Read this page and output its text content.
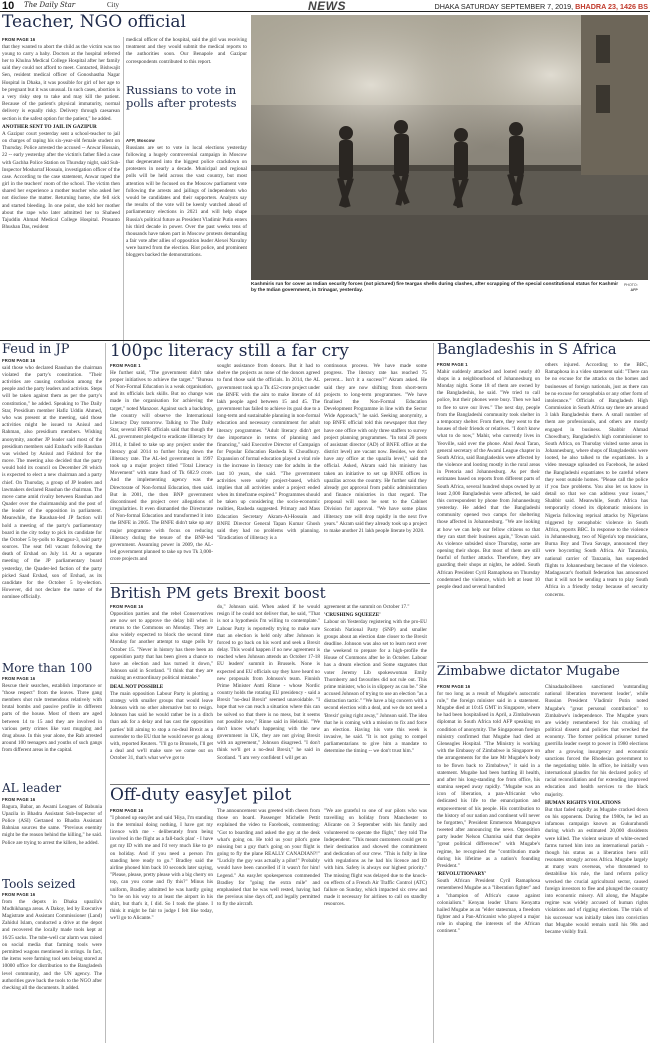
10 The Daily Star	City	NEWS	DHAKA SATURDAY SEPTEMBER 7, 2019, BHADRA 23, 1426 BS
Teacher, NGO official
FROM PAGE 16

that they wanted to abort the child as the victim was too young to carry a baby. Doctors at the hospital referred her to Khulna Medical College Hospital after her family said they could not afford to meet. Contacted, Bishwajit Sen, resident medical officer of Gonoshastha Nagar Hospital in Dhaka, it was possible for girl of her age to be pregnant but it was unusual. In such cases, abortion is a very risky step to take and may kill the patient. Because of the patient's physical immaturity, normal delivery is equally risky. Delivery through caesarean section is the safest option for the patient," he added.

ANOTHER SENT TO JAIL IN GAZIPUR

A Gazipur court yesterday sent a school-teacher to jail on charges of raping his six-year-old female student on Thursday. Police arrested the accused -- Anwar Hossain, 22 -- early yesterday after the victim's father filed a case with Gachha Police Station on Thursday night, said Sub-Inspector Mosharraf Hossain, investigation officer of the case. According to the case statement, Anwar raped the girl in the teachers' room of the school. The victim then shared her experience a mother teacher who asked her not disclose the matter. Returning home, she fell sick and started bleeding. In one point, she told her mother about the rape who later admitted her to Shaheed Tajuddin Ahmad Medical College Hospital. Prosanto Bhushan Das, resident

medical officer of the hospital, said the girl was receiving treatment and they would submit the medical reports to the authorities soon. Our Benapole and Gazipur correspondents contributed to this report.

Russians to vote in polls after protests
AFP, Moscow

Russians are set to vote in local elections yesterday following a hugely controversial campaign in Moscow that degenerated into the biggest police crackdown on protesters in nearly a decade. Municipal and regional polls will be held across the vast country, but most attention will be focused on the Moscow parliament vote following the arrests and jailings of independents who would be candidates and their supporters. Analysts say the results of the vote will be keenly watched ahead of parliamentary elections in 2021 and will help shape Russia's political future as President Vladimir Putin enters his third decade in power. Over the past weeks tens of thousands have taken part in Moscow protests demanding a fair vote after allies of opposition leader Alexei Navalny were barred from the election. Riot police, and prominent bloggers backed the demonstrations.

Kashmiris run for cover as Indian security forces (not pictured) fire teargas shells during clashes, after scrapping of the special constitutional status for Kashmir by the Indian government, in Srinagar, yesterday.
PHOTO:
AFP
Feud in JP
FROM PAGE 16

said those who declared Raushan the chairman violated the party's constitution. "Their activities are causing confusion among the people and the party leaders and activists. Steps will be taken against them as per the party's constitution," he added. Speaking to The Daily Star, Presidium member Hafiz Uddin Ahmed, who was present at the meeting, said those activities might be issued to Anisul and Rahman, also presidium members. Wishing anonymity, another JP leader said most of the presidium members said Erahad's wife Raushan was wished by Anisul and Fakhrul for the move. The meeting also decided that the party would hold its council on December 28 which is expected to elect a new chairman and a party chief. On Thursday, a group of JP leaders and lawmakers declared Raushan the chairman. The move came amid rivalry between Raushan and Quader over the chairmanship and the post of the leader of the opposition in parliament. Meanwhile, the Raushan-led JP faction will hold a meeting of the party's parliamentary board in the city today to pick its candidate for the October 5 by-polls to Rangpur-3, said party sources. The seat fell vacant following the death of Ershad on July 14. At a separate meeting of the JP parliamentary board yesterday, the Quader-led faction of the party picked Saad Ershad, son of Ershad, as its candidate for the October 5 by-election. However, did not declare the name of the nominee officially.

More than 100
FROM PAGE 16

Rescue their searches, establish importance or "those respect" from the leaves. Three gang members shot rule tremendous relatively with brutal bombs and passive profile in different parts of the house. Most of them are aged between 14 to 15 and they are involved in various petty crimes like vast mugging and drug abuse. In this year alone, the Rab arrested around 100 teenagers and youths of such gangs from different areas in the capital.

AL leader
FROM PAGE 16

Bagura, Babar, an Awami Leagues of Babunia Upazila in Bhadra Assistant Sub-Inspector of Police (ASI) Gertaned to Bhadra Assistant Bahnian sources the same. "Previous enemity might be the reason behind the killing," he said. Police are trying to arrest the killers, he added.

Tools seized
FROM PAGE 16

from the depots in Dhaka upazila's Mudhikhanga areas. A Dakoy, led by Executive Magistrate and Assistant Commissioner (Land) Zahidul Islam, conducted a drive at the depot and recovered the locally made tools kept at 16/25 sacks. The tube-well car alarm was raised on social media that farming tools were permitted wagons mentioned in strings. In fact, the items were farming tool sets being stored at 10000 office for distribution to the Bangladesh level community, and the UN agency. The authorities gave back the tools to the NGO after checking all the documents. It added.

100pc literacy still a far cry
FROM PAGE 1

He further said, "The government didn't take proper initiatives to achieve the target." "Bureau of Non-Formal Education is a weak organisation, and its officials lack skills. But no change was made in the organisation for achieving the target," noted Manzoor. Against such a backdrop, the country will observe the International Literacy Day tomorrow. Talking to The Daily Star, several BNFE officials said that though the AL government pledged to eradicate illiteracy by 2014, it failed to take up any project under the literacy goal 2014 to further bring down the illiteracy rate. The AL-led government in 1997 took up a major project titled "Total Literacy Movement" with state fund of Tk 682.9 crore. And the implementing agency was the Directorate of Non-formal Education, then said. But in 2001, the then BNP government discontinued the project over allegations of irregularities. It even dismantled the Directorate of Non-formal Education and transformed it into the BNFE in 2005. The BNFE didn't take up any major programme with focus on reducing illiteracy during the tenure of the BNP-led government. Assuming power in 2009, the AL-led government planned to take up two Tk 3,000-crore projects and

sought assistance from donors. But it had to shelve the projects as none of the donors agreed to fund those said the officials. In 2014, the AL government took up a Tk 452-crore project under the BNFE with the aim to make literate of 44 lakh people aged between 15 and 45. The government has failed to achieve its goal due to a long-term and sustainable planning in non-formal education and necessary commitment for adult literacy programmes. "Adult literacy didn't get due importance in terms of planning and financing," said Executive Director of Campaign for Popular Education Rasheda K Choudhury. Expansion of formal education played a vital role in the increase in literacy rate for adults in the last 10 years, she said. "The government activities were solely project-based, which implies that all activities under a project ended when its timeframe expired." Programmes should be taken up considering the socio-economic realities, Rasheda suggested. Primary and Mass Education Secretary Akram-Al-Hossain and BNFE Director General Tapan Kumar Ghosh said they had no problems with planning. "Eradication of illiteracy is a

continuous process. We have made some progress. The literacy rate has reached 75 percent... Isn't it a success?" Akram asked. He said they are now shifting from short-term projects to long-term programmes. "We have finalised the Non-Formal Education Development Programme in line with the Sector Wide Approach," he said. Seeking anonymity, a top BNFE official told this newspaper that they have one office with only three staffers to survey project planning programmes. "In total 20 posts of assistant director (AD) of BNFE office at the district level) are vacant now. Besides, we don't have any office at the upazila level," said the official. Asked, Akram said his ministry has taken an initiative to set up BNFE offices in upazilas across the country. He further said they already got approval from public administration and finance ministries in that regard. The proposal will soon be sent to the Cabinet Division for approval. "We have some plans illiteracy rate will drop rapidly in the next five years." Akram said they already took up a project to make another 21 lakh people literate by 2020.

British PM gets Brexit boost
FROM PAGE 16

Opposition parties and the rebel Conservatives are now set to approve the delay bill when it returns to the Commons on Monday. They are also widely expected to block the second time Monday for another attempt to stage polls by October 15. "Never in history has there been an opposition party that has been given a chance to have an election and has turned it down," Johnson said in Scotland. "I think that they are making an extraordinary political mistake."

DEAL NOT POSSIBLE

The main opposition Labour Party is plotting a strategy with smaller groups that would leave Johnson with no other alternative but to resign. Johnson has said he would rather be in a ditch than ask for a delay and has cast the opposition parties' bill aiming to stop a no-deal Brexit as a surrender to the EU that he would never go along with, reported Reuters. "I'll go to Brussels, I'll get a deal and we'll make sure we come out on October 31, that's what we've got to

do," Johnson said. When asked if he would resign if he could not deliver that, he said, "That is not a hypothesis I'm willing to contemplate." Labour Party is reportedly trying to make sure that an election is held only after Johnson is forced to go back on his word and seek a Brexit delay. This would happen if no new agreement is reached when Johnson attends an October 17-18 EU leaders' summit in Brussels. None is expected and EU officials say they have heard no new proposals from Johnson's team. Finnish Prime Minister Antti Rinne - whose Nordic country holds the rotating EU presidency - said a Brexit "no-deal Brexit" seemed unavoidable. "I hope that we can reach a situation where this can be solved so that there is no mess, but it seems not possible now," Rinne said in Helsinki. "We don't know what's happening with the new government in UK, they are not giving Brexit with an agreement," Johnson disagreed. "I don't think we'll get a no-deal Brexit," he said in Scotland. "I am very confident I will get an

agreement at the summit on October 17."

'CRUSHING SQUEEZE'

Labour on Yesterday registering with the pro-EU Scottish National Party (SNP) and smaller groups about an election date closer to the Brexit deadline. Johnson was also set to learn next over the weekend to prepare for a high-profile the House of Commons after he in October. Labour has a dream election and Some stagnates that voter Jeremy Lib spokeswoman Emily Thornberry and favourites did not rule out. This prime minister, who is in slippery as can be." She accused Johnson of trying to use an election "as a distraction tactic." "We have a big concern with a second election with a deal, and we do not need a 'Brexit' going right away," Johnson said. The idea that he is coming with a mission to fix and force an election. Having his vote this week is invasive, he said. "It is not going to compel parliamentarians to give him a mandate to determine the timing -- we don't trust him."

Off-duty easyJet pilot
FROM PAGE 16

"I phoned up easyJet and said 'Hiya, I'm standing in the terminal doing nothing, I have got my licence with me - deliberately from being involved in the flight as a fall-back plan' - I have got my ID with me and I'd very much like to go on holiday. And if you need a person I'm standing here ready to go." Bradley said the airline phoned him back 10 seconds later saying, "Please, please, pretty please with a big cherry on top, can you come and fly this?" Minus his uniform, Bradley admitted he was hardly going "to be on his way to at least the airport in his shirt, but that's it, I did. So I took the plane. I think it might be fair to judge I felt like today, we'll go to Alicante."

The announcement was greeted with cheers from those on board. Passenger Michelle Pettit explained the video to Facebook, commenting: "Got to boarding and asked the guy at the desk what's going on. He told us your pilot's gone missing but a guy that's going on your flight is going to fly the plane REALLY CANADIAN?!" "Luckily the guy was actually a pilot!" Probably would have been cancelled if it wasn't for him! Legend." An easyJet spokesperson commended Bradley for "going the extra mile" and emphasised that he was well rested, having had the previous nine days off, and legally permitted to fly the aircraft.

"We are grateful to one of our pilots who was travelling on holiday from Manchester to Alicante on 3 September with his family and volunteered to operate the flight," they told The Independent. "This meant customers could get to their destination and showed the commitment and dedication of our crew. "This is fully in line with regulations as he had his licence and ID with him. Safety is always our highest priority." The missing flight was delayed due to the knock-on effects of a French Air Traffic Control (ATC) failure on Sunday, which impacted six crew and made it necessary for airlines to call on standby resources.

Bangladeshis in S Africa
FROM PAGE 1

Mahir suddenly attacked and looted nearly 40 shops in a neighbourhood of Johannesburg on Monday night. Some 18 of them are owned by the Bangladeshis, he said. "We tried to call police, but their phones were busy. Then we had to flee to save our lives." The next day, people from the Bangladeshi community took shelter in a temporary shelter. From there, they went to the houses of their friends or relatives. "I don't know what to do now," Mahir, who currently lives in Yeoville, said over the phone. Abul Awal Taran, general secretary of the Awami League chapter in South Africa, said Bangladeshis were affected by the violence and looting mostly in the rural areas in Pretoria and Johannesburg. As per their estimates based on reports from different parts of South Africa, several hundred shops owned by at least 2,000 Bangladeshis were affected, he said this correspondent by phone from Johannesburg yesterday. He added that the Bangladeshi community opened two camps for sheltering those affected in Johannesburg. "We are looking at how we can help our fellow citizens so that they can start their business again," Towan said. As violence subsided since Thursday, some are opening their shops. But most of them are still fearful of further attacks. Therefore, they are guarding their shops at nights, he added. South African President Cyril Ramaphosa on Thursday condemned the violence, which left at least 10 people dead and several hundred

others injured. According to the BBC, Ramaphosa in a video statement said: "There can be no excuse for the attacks on the homes and businesses of foreign nationals, just as there can be no excuse for xenophobia or any other form of intolerance." Officials of Bangladesh High Commission in South Africa say there are around 3 lakh Bangladeshis there. A small number of them are professionals, and others are mostly engaged in business. Shabbir Ahmad Chowdhury, Bangladesh's high commissioner to South Africa, on Thursday visited some areas in Johannesburg, where shops of Bangladeshis were looted, he also talked to the expatriates. In a video message uploaded on Facebook, he asked the Bangladeshi expatriates to be careful where they went outside homes. "Please call the police if you face problems. You also let us know in detail so that we can address your issues," Shabbir said. Meanwhile, South Africa has temporarily closed its diplomatic missions in Nigeria following reprisal attacks by Nigerians triggered by xenophobic violence in South Africa, reports BBC. In response to the violence in Johannesburg, two of Nigeria's top musicians, Burna Boy and Tiwa Savage, announced they were boycotting South Africa. Air Tanzania, national carrier of Tanzania, has suspended flights to Johannesburg because of the violence. Madagascar's football federation has announced that it will not be sending a team to play South Africa in a friendly today because of security concerns.

Zimbabwe dictator Mugabe
FROM PAGE 16

for too long as a result of Mugabe's autocratic rule," the foreign minister said in a statement. Mugabe died at 10:45 GMT in Singapore, where he had been hospitalised in April, a Zimbabwean diplomat in South Africa told AFP speaking on condition of anonymity. The Singaporean foreign ministry confirmed that Mugabe had died at Gleneagles Hospital. "The Ministry is working with the Embassy of Zimbabwe in Singapore on the arrangements for the late Mr Mugabe's body to be flown back to Zimbabwe," it said in a statement. Mugabe had been battling ill health, and after his long-standing foe from office, his stamina seeped away rapidly. "Mugabe was an icon of liberation, a pan-Africanist who dedicated his life to the emancipation and empowerment of his people. His contribution to the history of our nation and continent will never be forgotten," President Emmerson Mnangagwa tweeted after announcing the news. Opposition party leader Nelson Chamisa said that despite "great political differences" with Mugabe's regime, he recognised the "contribution made during his lifetime as a nation's founding President."

'REVOLUTIONARY'

South African President Cyril Ramaphosa remembered Mugabe as a "liberation fighter" and a "champion of Africa's cause against colonialism." Kenyan leader Uhuru Kenyatta hailed Mugabe as an "elder statesman, a freedom fighter and a Pan-Africanist who played a major role in shaping the interests of the African continent."

Chinadaaboiibeen sanctioned 'outstanding national liberation movement leader', while Russian President Vladimir Putin noted Mugabe's "great personal contribution" to Zimbabwe's independence. The Mugabe years are widely remembered for his crushing of political dissent and policies that wrecked the economy. The former political prisoner turned guerrilla leader swept to power in 1980 elections after a growing insurgency and economic sanctions forced the Rhodesian government to the negotiating table. In office, he initially won international plaudits for his declared policy of racial reconciliation and for extending improved education and health services to the black majority.

HUMAN RIGHTS VIOLATIONS

But that faded rapidly as Mugabe cracked down on his opponents. During the 1980s, he led an infamous campaign known as Gukurahundi during which an estimated 20,000 dissidents were killed. The violent seizure of white-owned farms turned him into an international pariah - though his status as a liberation hero still resonates strongly across Africa. Mugabe largely at many wars overseas, who threatened to destabilise his rule, the land reform policy wrecked the crucial agricultural sector, caused foreign investors to flee and plunged the country into economic misery. All along, the Mugabe regime was widely accused of human rights violations and of rigging elections. The trials of his successor was initially taken into conviction that Mugabe would remain until his 98s and became visibly frail.
